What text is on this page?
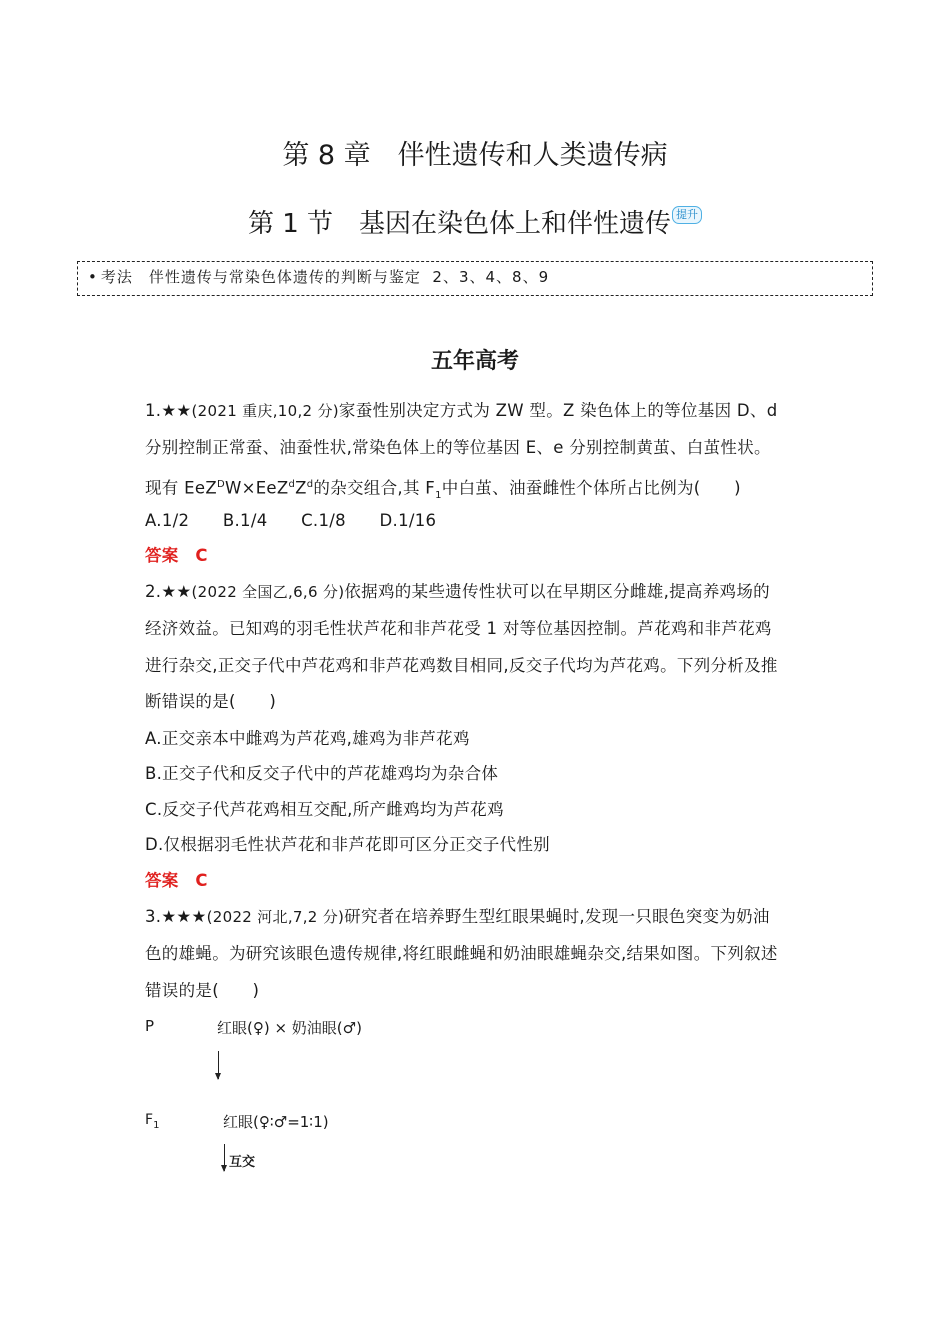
第 8 章　伴性遗传和人类遗传病
第 1 节　基因在染色体上和伴性遗传 提升
• 考法　伴性遗传与常染色体遗传的判断与鉴定 2、3、4、8、9
五年高考
1.★★(2021 重庆,10,2 分)家蚕性别决定方式为 ZW 型。Z 染色体上的等位基因 D、d
分别控制正常蚕、油蚕性状,常染色体上的等位基因 E、e 分别控制黄茧、白茧性状。
现有 $EeZ^DW\times EeZ^dZ^d$的杂交组合,其 $F_1$中白茧、油蚕雌性个体所占比例为(　　)
A.1/2　　B.1/4　　C.1/8　　D.1/16
答案　 C
2.★★(2022 全国乙,6,6 分)依据鸡的某些遗传性状可以在早期区分雌雄,提高养鸡场的
经济效益。已知鸡的羽毛性状芦花和非芦花受 1 对等位基因控制。芦花鸡和非芦花鸡
进行杂交,正交子代中芦花鸡和非芦花鸡数目相同,反交子代均为芦花鸡。下列分析及推
断错误的是(　　)
A.正交亲本中雌鸡为芦花鸡,雄鸡为非芦花鸡
B.正交子代和反交子代中的芦花雄鸡均为杂合体
C.反交子代芦花鸡相互交配,所产雌鸡均为芦花鸡
D.仅根据羽毛性状芦花和非芦花即可区分正交子代性别
答案　 C
3.★★★(2022 河北,7,2 分)研究者在培养野生型红眼果蝇时,发现一只眼色突变为奶油
色的雄蝇。为研究该眼色遗传规律,将红眼雌蝇和奶油眼雄蝇杂交,结果如图。下列叙述
错误的是(　　)
P	红眼(♀) × 奶油眼(♂)
$F_1$	红眼(♀∶♂=1∶1)
互交
